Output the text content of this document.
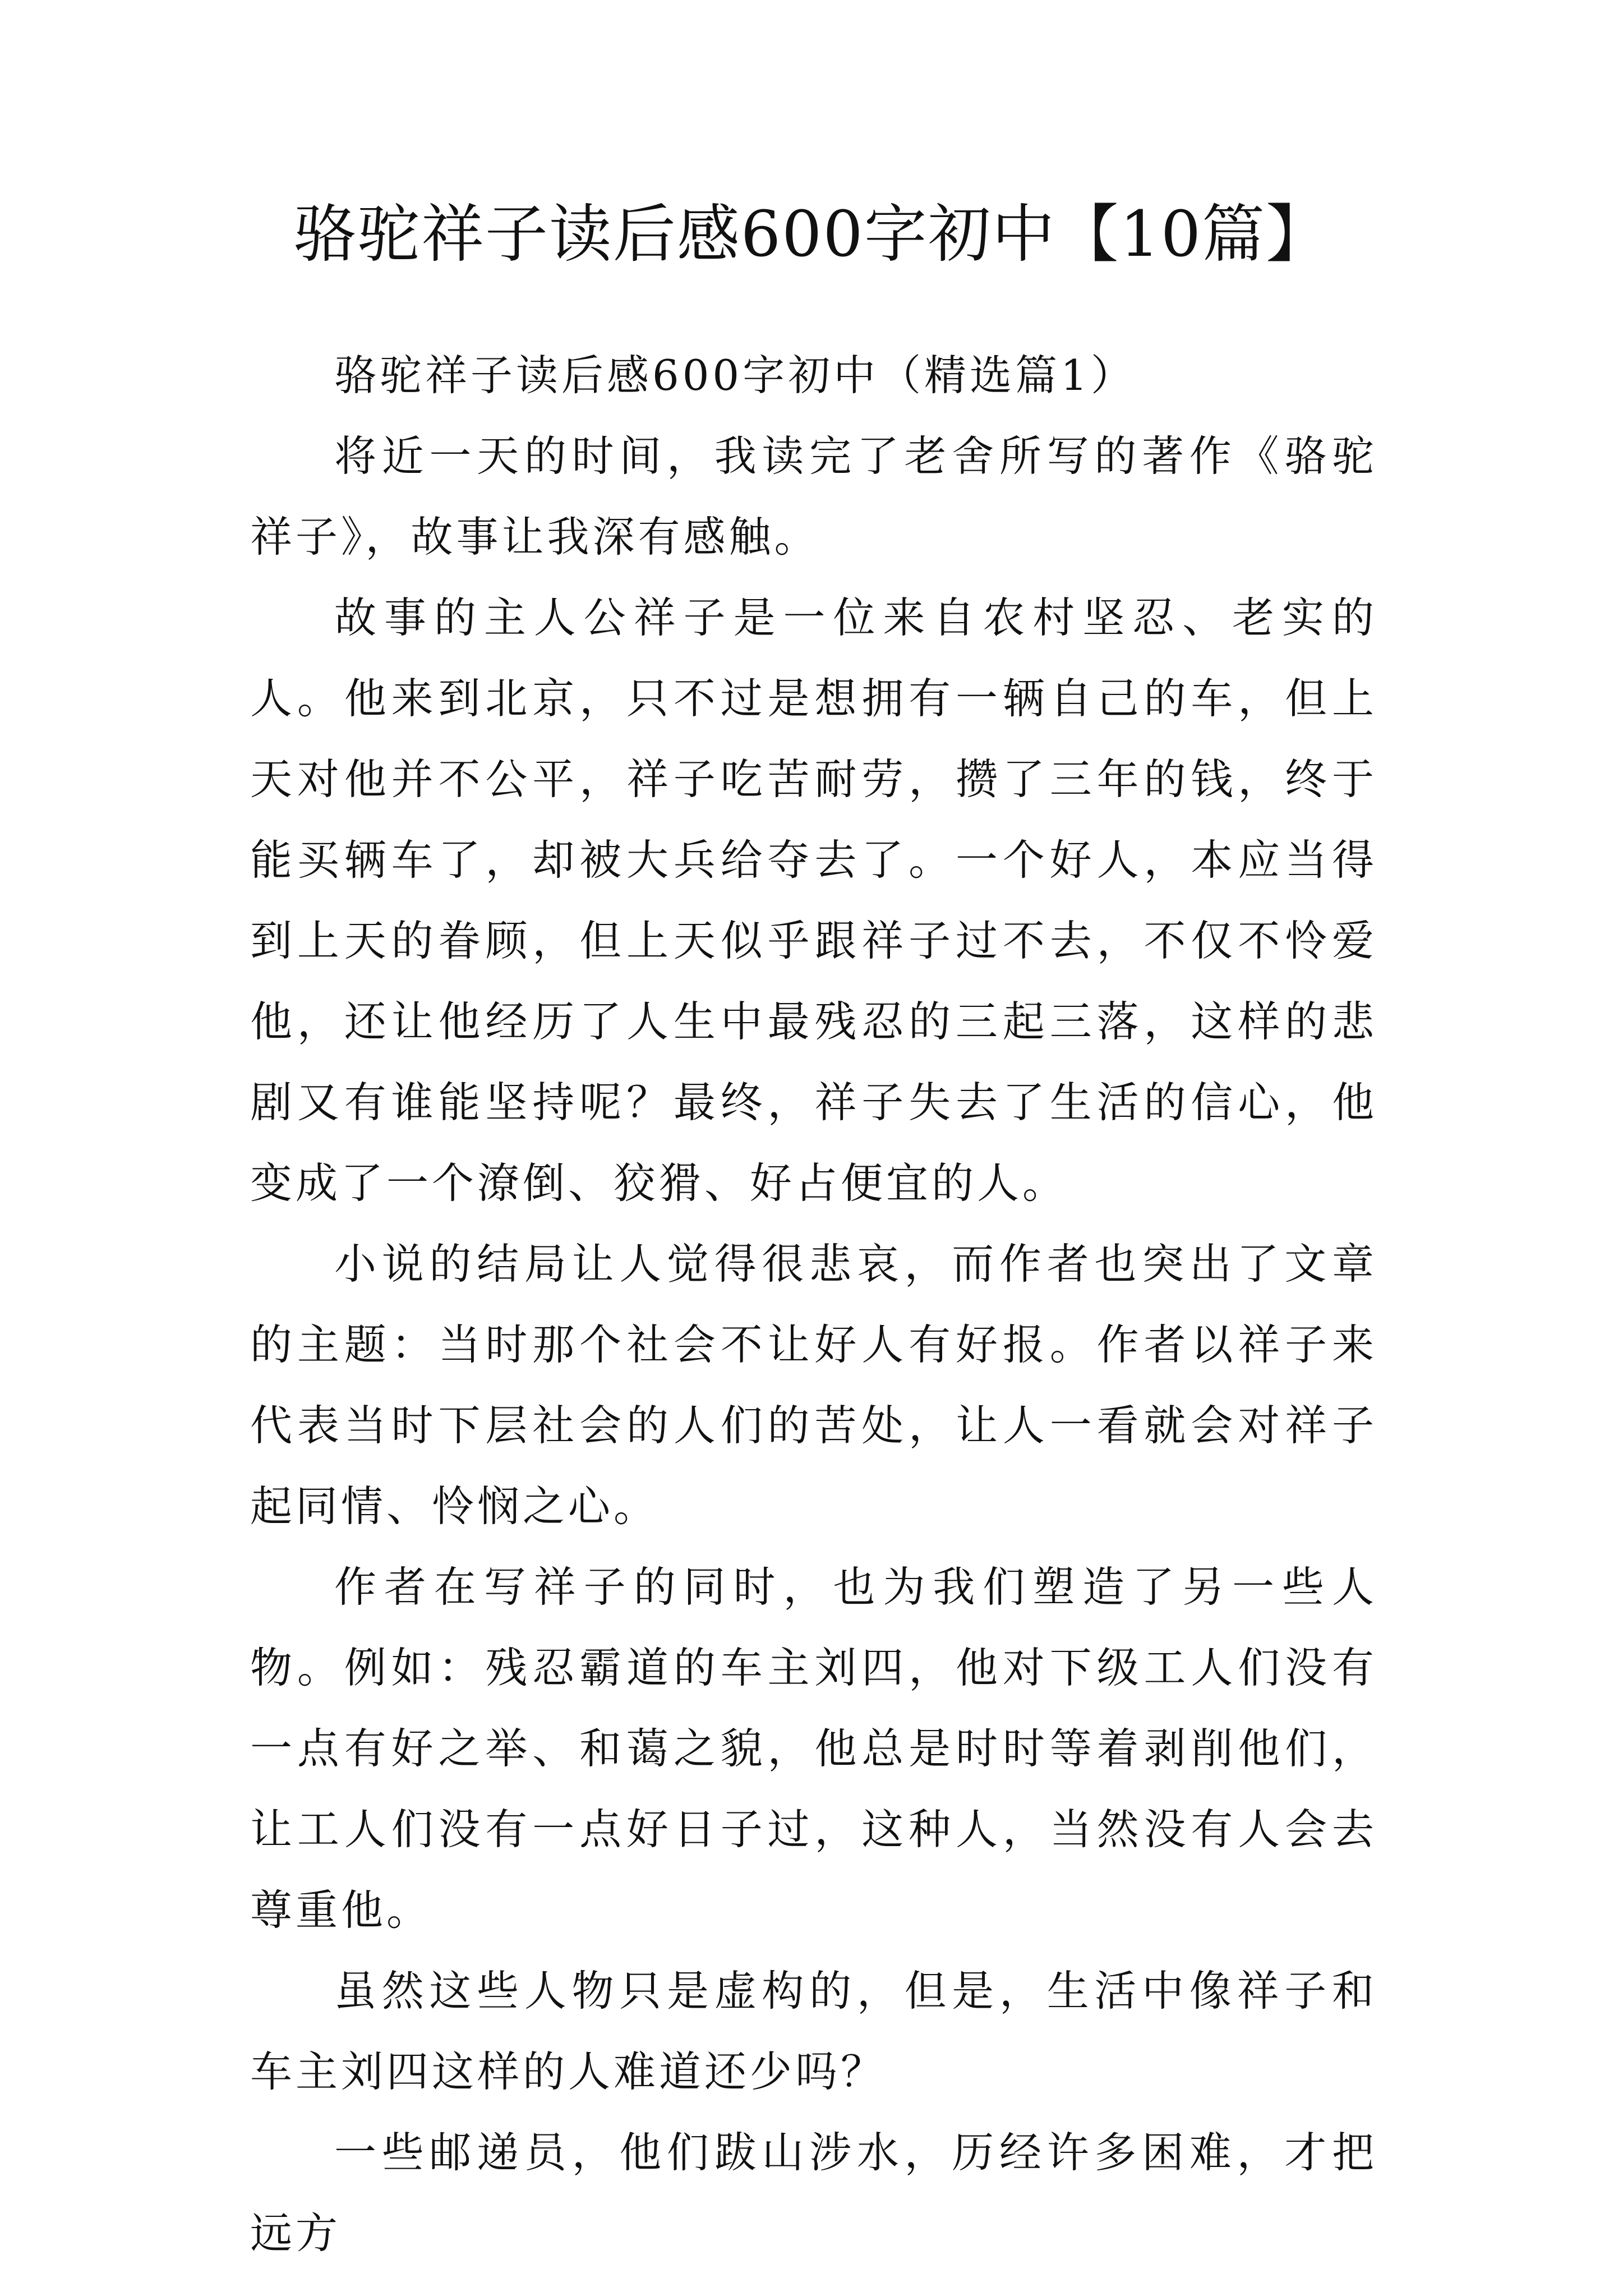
骆驼祥子读后感600字初中【10篇】

骆驼祥子读后感600字初中（精选篇1）

将近一天的时间，我读完了老舍所写的著作《骆驼祥子》，故事让我深有感触。

故事的主人公祥子是一位来自农村坚忍、老实的人。他来到北京，只不过是想拥有一辆自己的车，但上天对他并不公平，祥子吃苦耐劳，攒了三年的钱，终于能买辆车了，却被大兵给夺去了。一个好人，本应当得到上天的眷顾，但上天似乎跟祥子过不去，不仅不怜爱他，还让他经历了人生中最残忍的三起三落，这样的悲剧又有谁能坚持呢？最终，祥子失去了生活的信心，他变成了一个潦倒、狡猾、好占便宜的人。

小说的结局让人觉得很悲哀，而作者也突出了文章的主题：当时那个社会不让好人有好报。作者以祥子来代表当时下层社会的人们的苦处，让人一看就会对祥子起同情、怜悯之心。

作者在写祥子的同时，也为我们塑造了另一些人物。例如：残忍霸道的车主刘四，他对下级工人们没有一点有好之举、和蔼之貌，他总是时时等着剥削他们，让工人们没有一点好日子过，这种人，当然没有人会去尊重他。

虽然这些人物只是虚构的，但是，生活中像祥子和车主刘四这样的人难道还少吗？

一些邮递员，他们跋山涉水，历经许多困难，才把远方
